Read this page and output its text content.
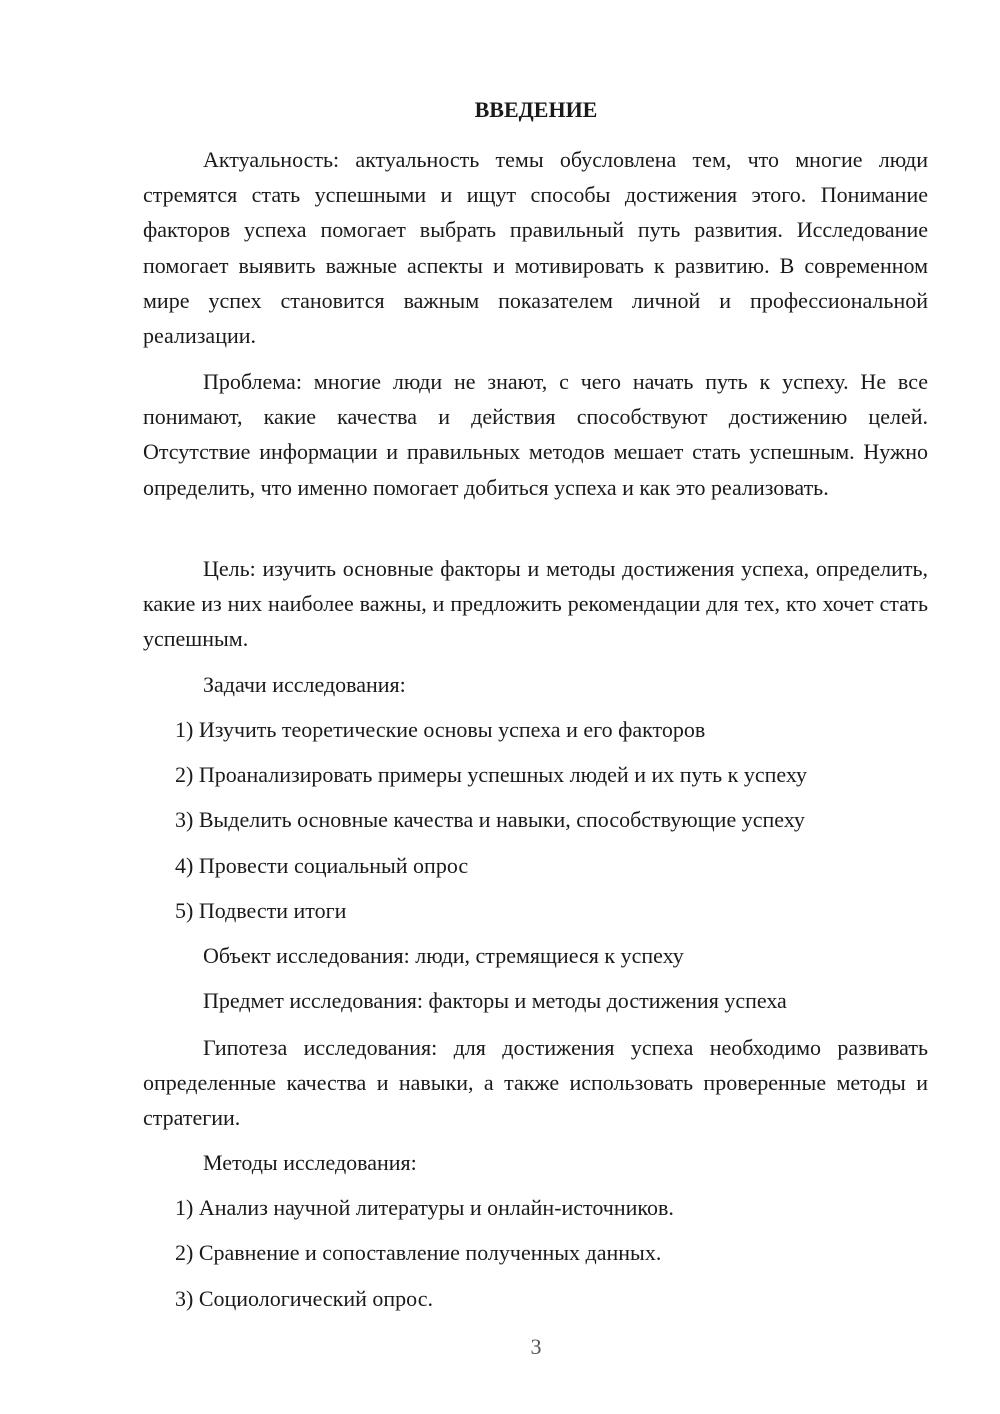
ВВЕДЕНИЕ

Актуальность: актуальность темы обусловлена тем, что многие люди стремятся стать успешными и ищут способы достижения этого. Понимание факторов успеха помогает выбрать правильный путь развития. Исследование помогает выявить важные аспекты и мотивировать к развитию. В современном мире успех становится важным показателем личной и профессиональной реализации.

Проблема: многие люди не знают, с чего начать путь к успеху. Не все понимают, какие качества и действия способствуют достижению целей. Отсутствие информации и правильных методов мешает стать успешным. Нужно определить, что именно помогает добиться успеха и как это реализовать.

Цель: изучить основные факторы и методы достижения успеха, определить, какие из них наиболее важны, и предложить рекомендации для тех, кто хочет стать успешным.

Задачи исследования:

1) Изучить теоретические основы успеха и его факторов

2) Проанализировать примеры успешных людей и их путь к успеху

3) Выделить основные качества и навыки, способствующие успеху

4) Провести социальный опрос

5) Подвести итоги

Объект исследования: люди, стремящиеся к успеху

Предмет исследования: факторы и методы достижения успеха

Гипотеза исследования: для достижения успеха необходимо развивать определенные качества и навыки, а также использовать проверенные методы и стратегии.

Методы исследования:

1) Анализ научной литературы и онлайн-источников.

2) Сравнение и сопоставление полученных данных.

3) Социологический опрос.

3
